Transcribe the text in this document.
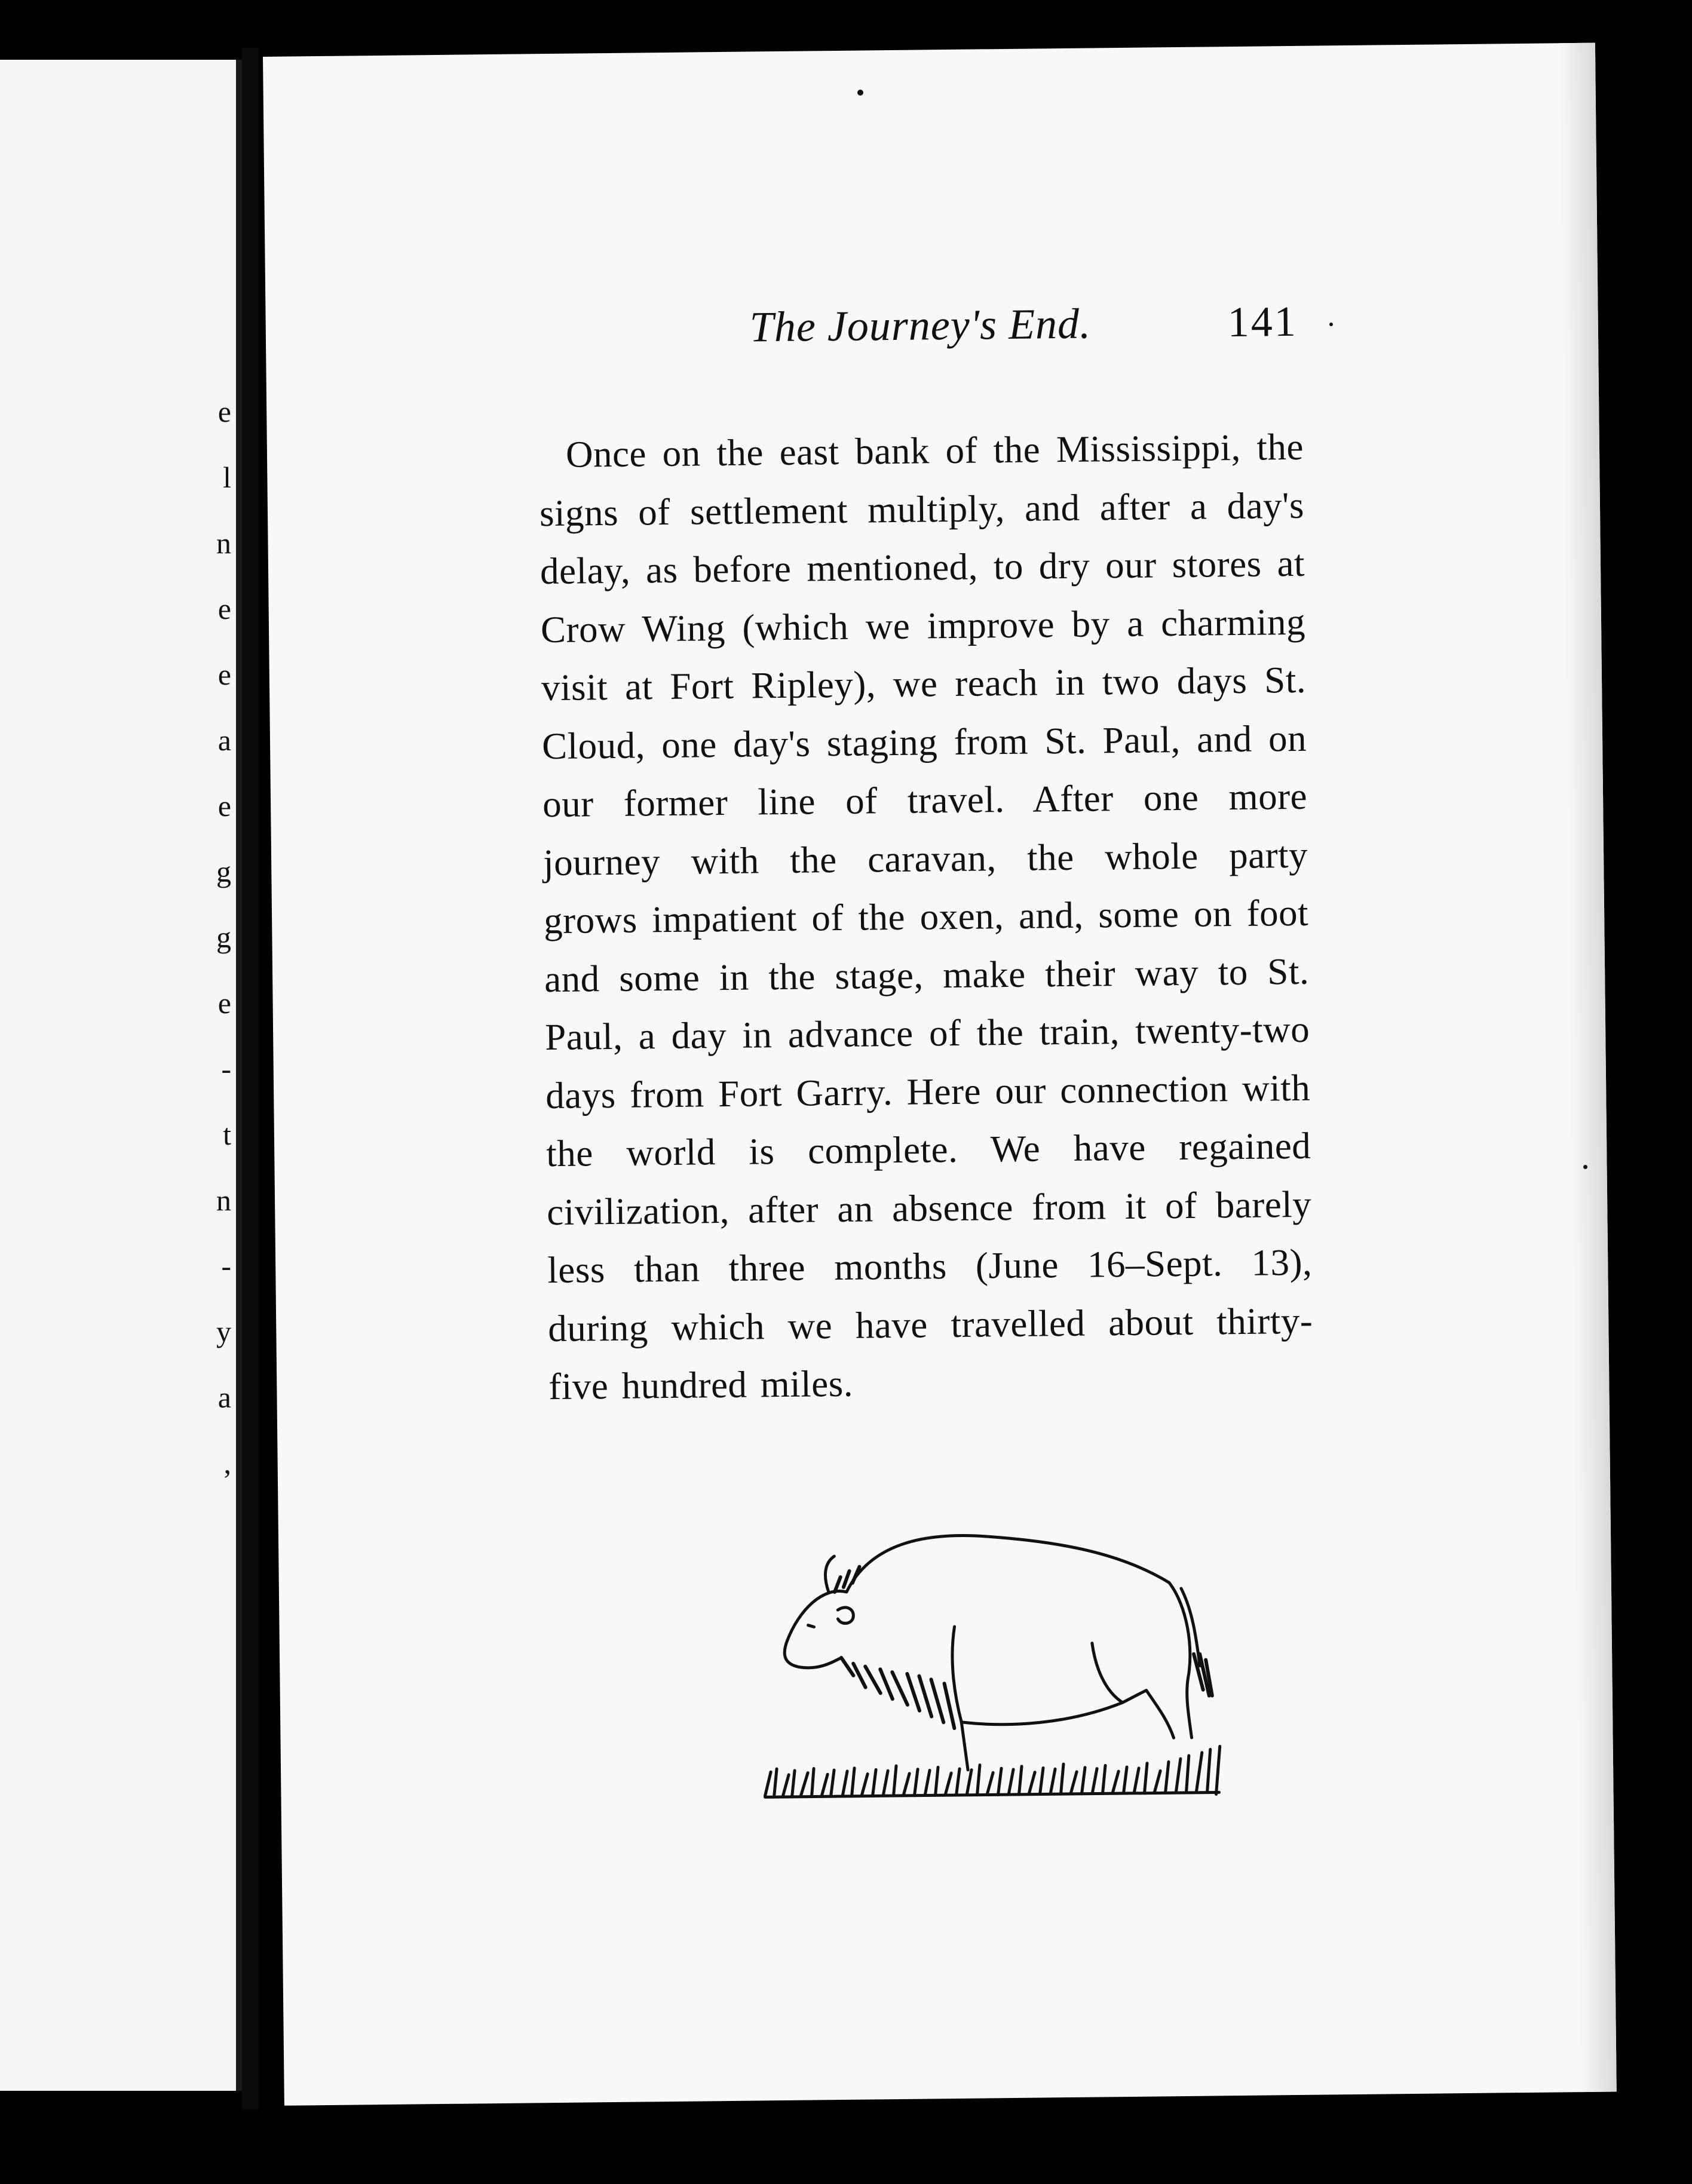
e
l
n
e
e
a
e
g
g
e
-
t
n
-
y
a
,
The Journey's End.	141

Once on the east bank of the Mississippi, the signs of settlement multiply, and after a day's delay, as before mentioned, to dry our stores at Crow Wing (which we improve by a charming visit at Fort Ripley), we reach in two days St. Cloud, one day's staging from St. Paul, and on our former line of travel. After one more journey with the caravan, the whole party grows impatient of the oxen, and, some on foot and some in the stage, make their way to St. Paul, a day in advance of the train, twenty-two days from Fort Garry. Here our connection with the world is complete. We have regained civilization, after an absence from it of barely less than three months (June 16–Sept. 13), during which we have travelled about thirty-five hundred miles.
